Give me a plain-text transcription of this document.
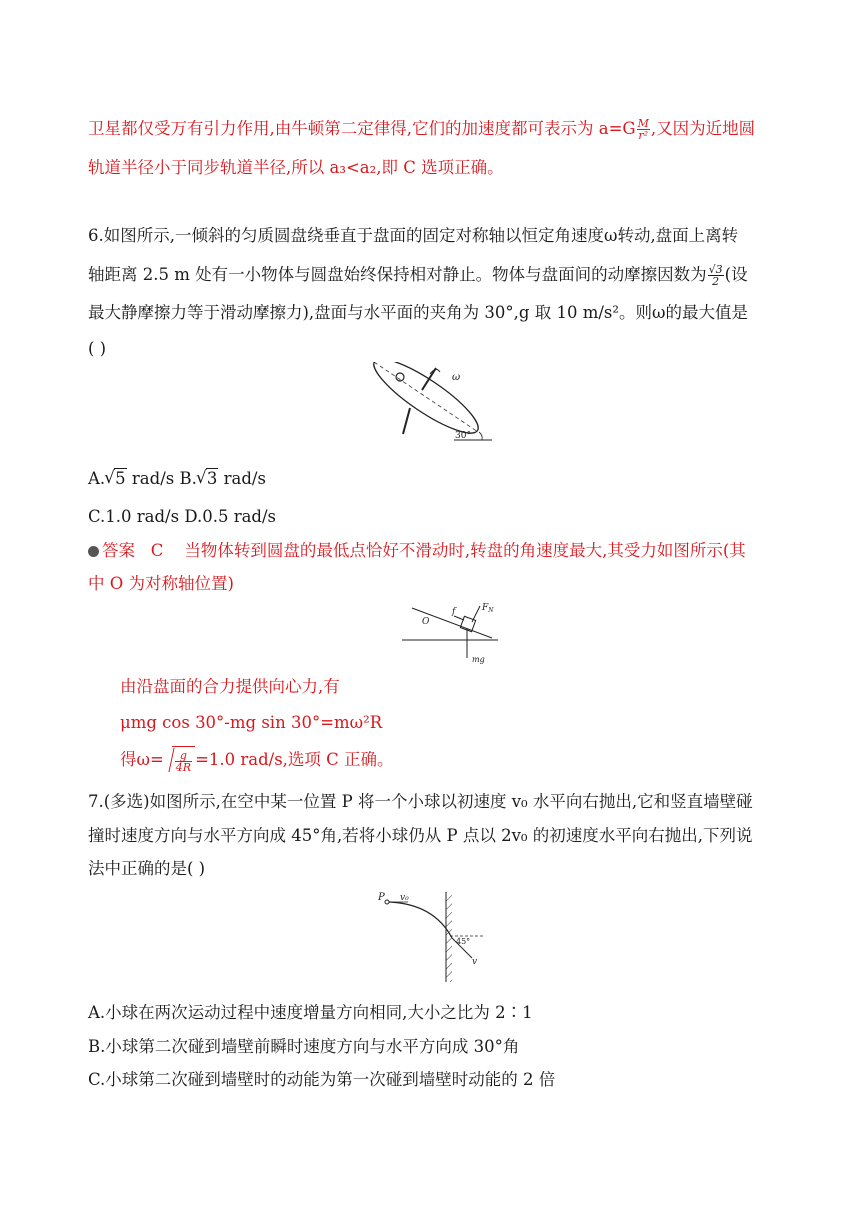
卫星都仅受万有引力作用,由牛顿第二定律得,它们的加速度都可表示为 $a=G \frac{M}{\text{r²}}$ ,又因为近地圆
轨道半径小于同步轨道半径,所以 a₃<a₂,即 C 选项正确。
6.如图所示,一倾斜的匀质圆盘绕垂直于盘面的固定对称轴以恒定角速度ω转动,盘面上离转
轴距离 2.5 m 处有一小物体与圆盘始终保持相对静止。物体与盘面间的动摩擦因数为 $\frac{√3}{2}$ (设
最大静摩擦力等于滑动摩擦力),盘面与水平面的夹角为 30°,g 取 10 m/s²。则ω的最大值是
( )
ω
30°
A. √ 5 rad/s B. √ 3 rad/s
C.1.0 rad/s D.0.5 rad/s
答案 C 当物体转到圆盘的最低点恰好不滑动时,转盘的角速度最大,其受力如图所示(其
中 O 为对称轴位置)
f	$F_N$
O
mg
由沿盘面的合力提供向心力,有
μmg cos 30°-mg sin 30°=mω²R
得$\omega= \frac{g}{4R} =1.0$ rad/s,选项 C 正确。
7.(多选)如图所示,在空中某一位置 P 将一个小球以初速度 v₀ 水平向右抛出,它和竖直墙壁碰
撞时速度方向与水平方向成 45°角,若将小球仍从 P 点以 2v₀ 的初速度水平向右抛出,下列说
法中正确的是( )
P v₀
45°
v
A.小球在两次运动过程中速度增量方向相同,大小之比为 2∶1
B.小球第二次碰到墙壁前瞬时速度方向与水平方向成 30°角
C.小球第二次碰到墙壁时的动能为第一次碰到墙壁时动能的 2 倍
